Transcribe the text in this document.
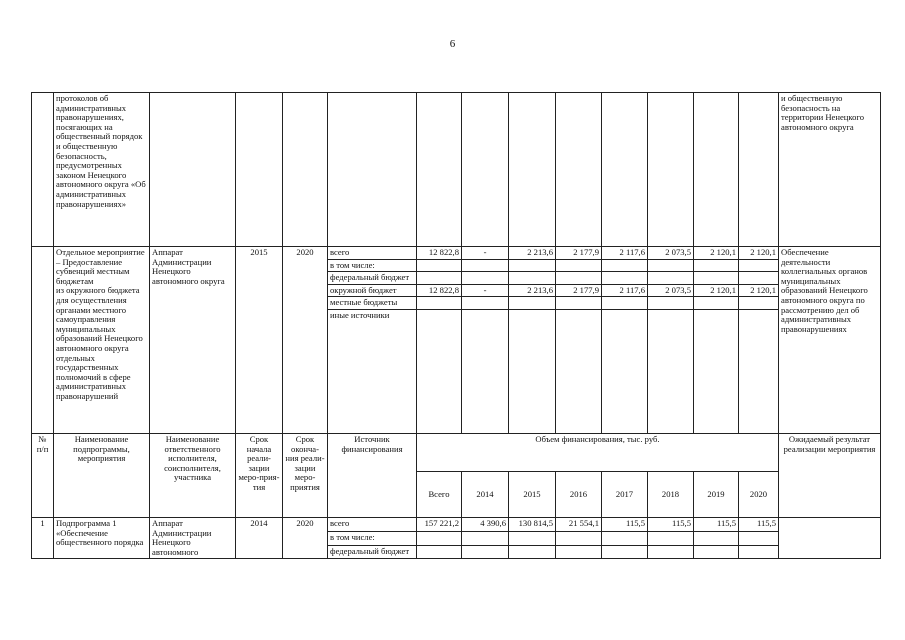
6
	протоколов об административных правонарушениях, посягающих на общественный порядок
и общественную безопасность, предусмотренных законом Ненецкого автономного округа «Об административных правонарушениях»													и общественную безопасность на территории Ненецкого автономного округа
	Отдельное мероприятие – Предоставление субвенций местным бюджетам
из окружного бюджета для осуществления органами местного самоуправления муниципальных образований Ненецкого автономного округа отдельных государственных полномочий в сфере административных правонарушений	Аппарат Администрации Ненецкого автономного округа	2015	2020	всего	12 822,8	-	2 213,6	2 177,9	2 117,6	2 073,5	2 120,1	2 120,1	Обеспечение деятельности коллегиальных органов муниципальных образований Ненецкого автономного округа по рассмотрению дел об административных правонарушениях
					в том числе:									
					федеральный бюджет									
					окружной бюджет	12 822,8	-	2 213,6	2 177,9	2 117,6	2 073,5	2 120,1	2 120,1	
					местные бюджеты									
					иные источники									
№ п/п	Наименование подпрограммы, мероприятия	Наименование ответственного исполнителя, соисполнителя, участника	Срок начала реали-зации меро-прия-тия	Срок оконча-ния реали-зации меро-приятия	Источник финансирования	Объем финансирования, тыс. руб.								Ожидаемый результат реализации мероприятия
						Всего	2014	2015	2016	2017	2018	2019	2020	
1	Подпрограмма 1 «Обеспечение общественного порядка	Аппарат Администрации Ненецкого автономного	2014	2020	всего	157 221,2	4 390,6	130 814,5	21 554,1	115,5	115,5	115,5	115,5	
					в том числе:									
					федеральный бюджет									
